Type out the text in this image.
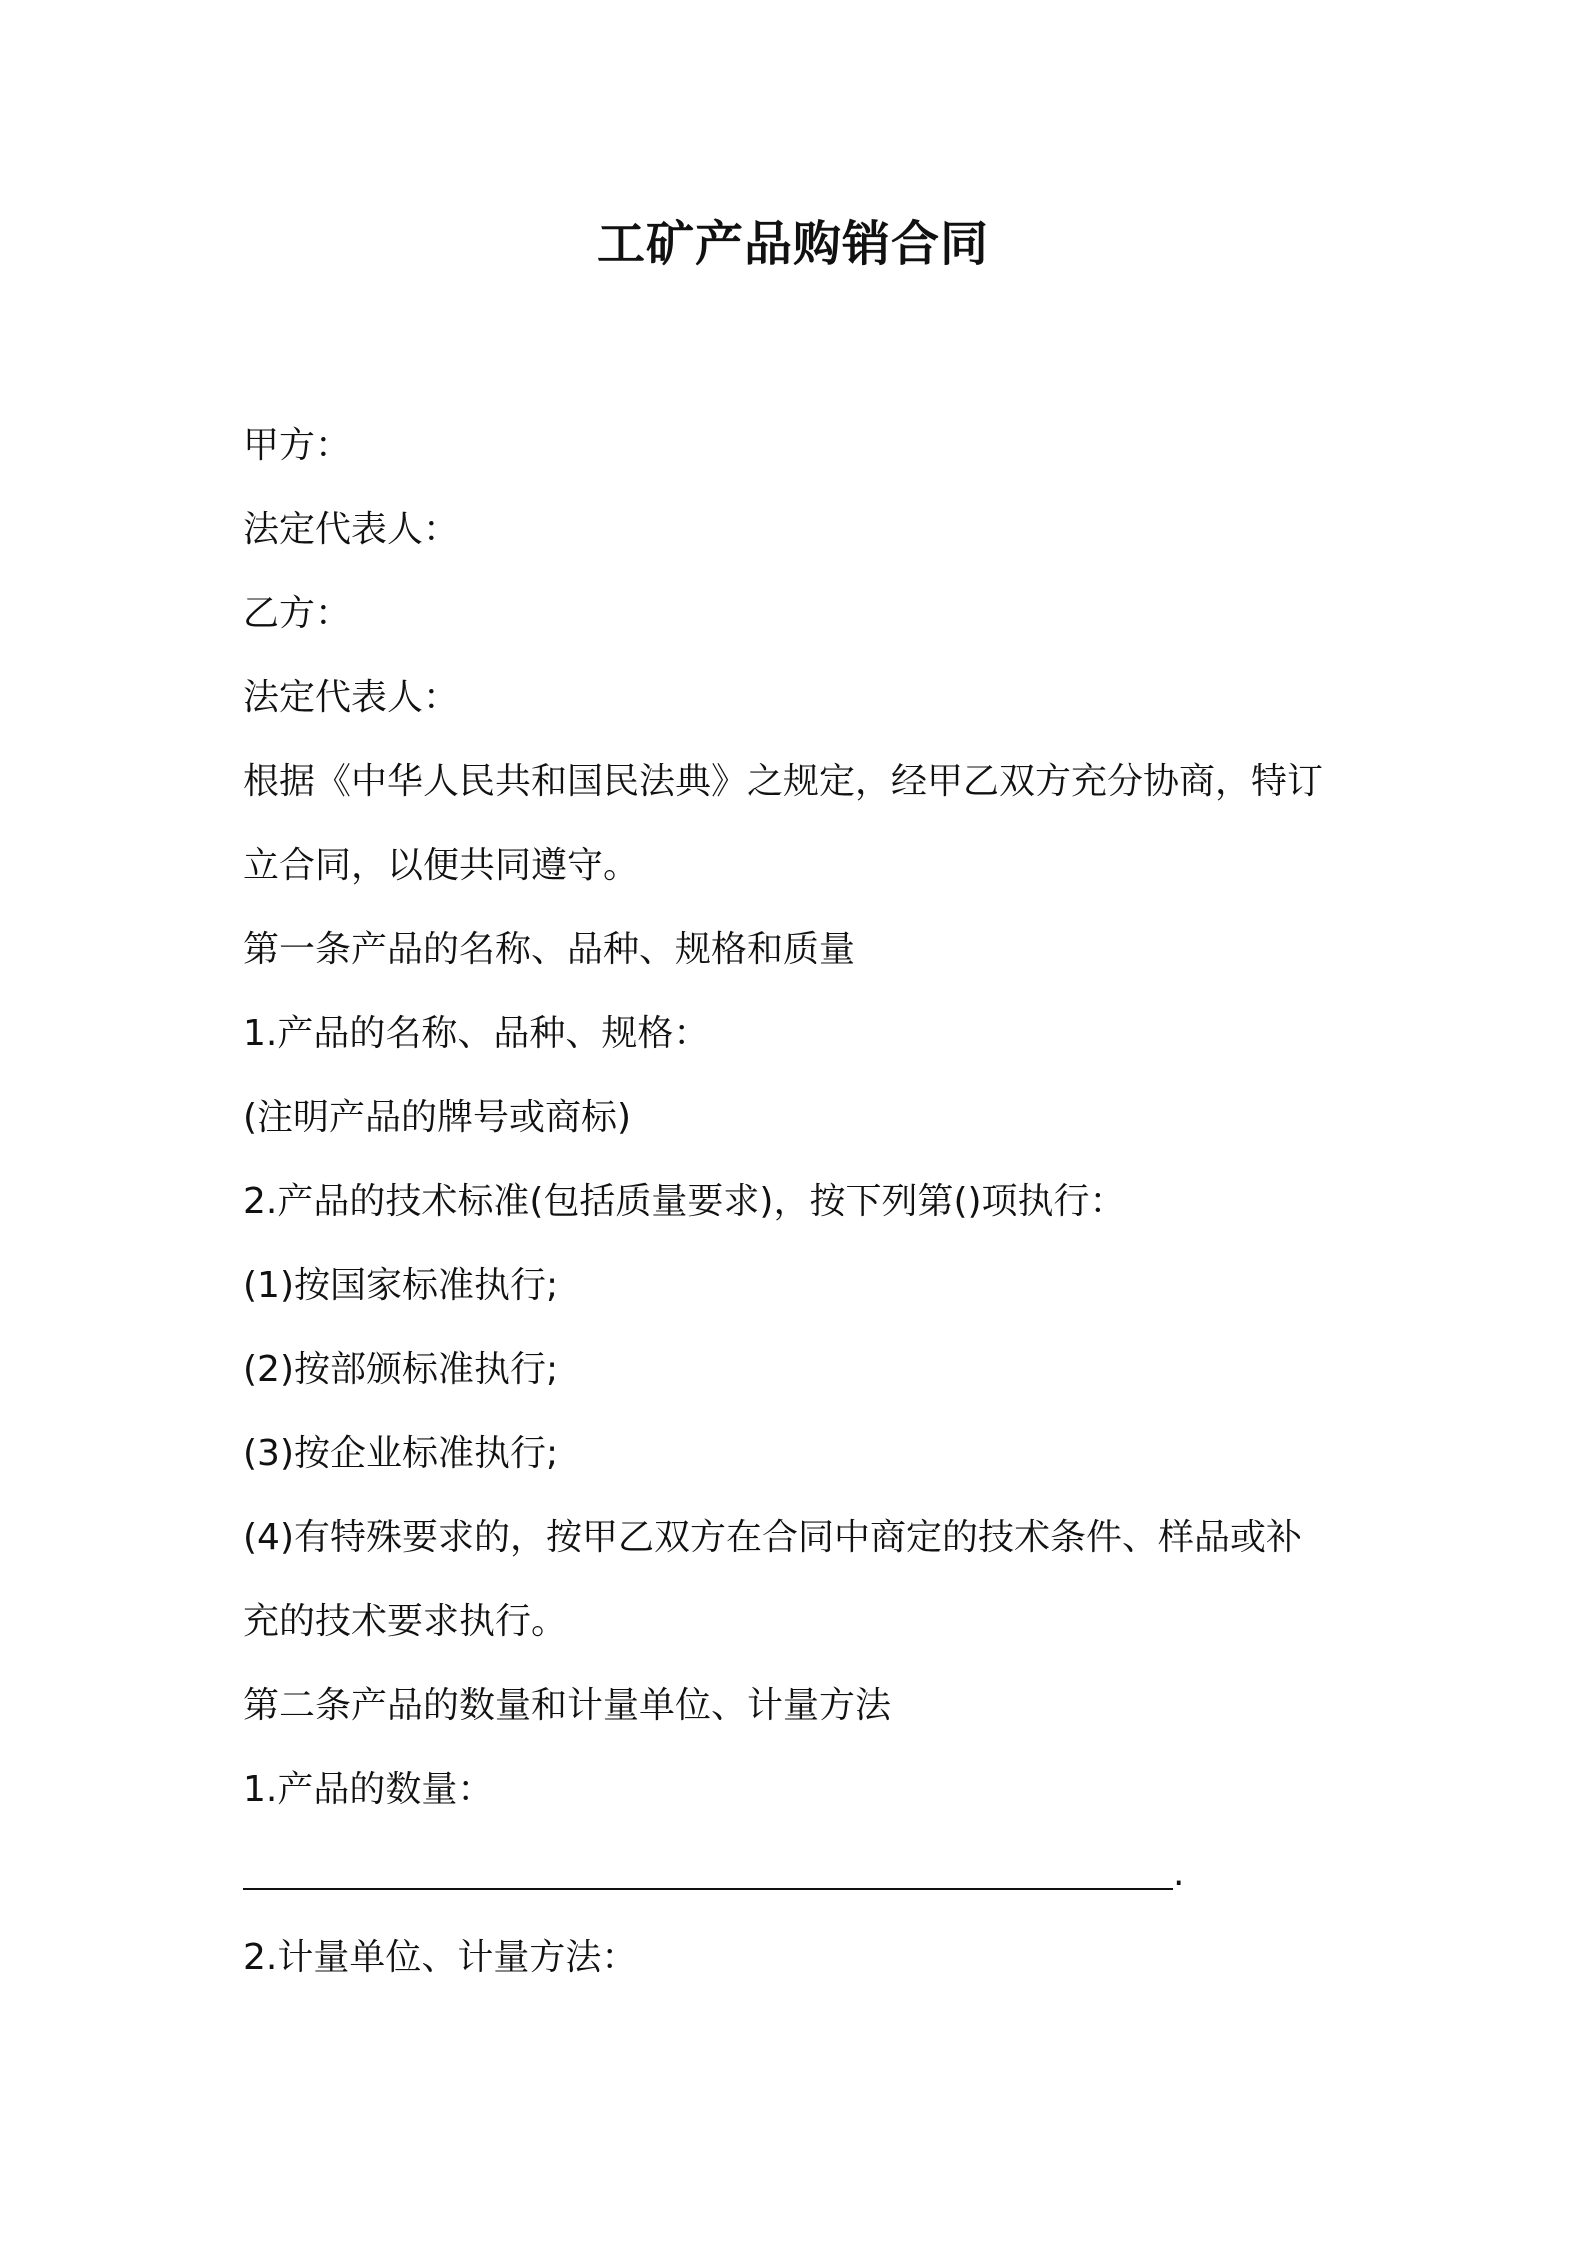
工矿产品购销合同

甲方：

法定代表人：

乙方：

法定代表人：

根据《中华人民共和国民法典》之规定，经甲乙双方充分协商，特订

立合同，以便共同遵守。

第一条产品的名称、品种、规格和质量

1.产品的名称、品种、规格：

(注明产品的牌号或商标)

2.产品的技术标准(包括质量要求)，按下列第()项执行：

(1)按国家标准执行;

(2)按部颁标准执行;

(3)按企业标准执行;

(4)有特殊要求的，按甲乙双方在合同中商定的技术条件、样品或补

充的技术要求执行。

第二条产品的数量和计量单位、计量方法

1.产品的数量：

.

2.计量单位、计量方法：
